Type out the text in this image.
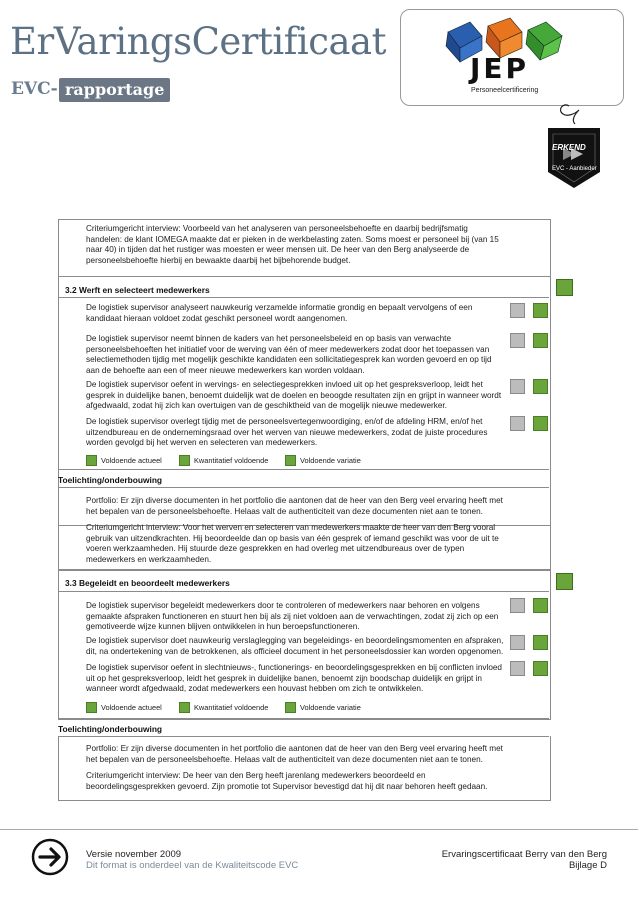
ErVaringsCertificaat
EVC- rapportage
JEP
Personeelcertificering
ERKEND
EVC - Aanbieder
Criteriumgericht interview: Voorbeeld van het analyseren van personeelsbehoefte en daarbij bedrijfsmatig handelen: de klant IOMEGA maakte dat er pieken in de werkbelasting zaten. Soms moest er personeel bij (van 15 naar 40) in tijden dat het rustiger was moesten er weer mensen uit. De heer van den Berg analyseerde de personeelsbehoefte hierbij en bewaakte daarbij het bijbehorende budget.
3.2 Werft en selecteert medewerkers
De logistiek supervisor analyseert nauwkeurig verzamelde informatie grondig en bepaalt vervolgens of een kandidaat hieraan voldoet zodat geschikt personeel wordt aangenomen.
De logistiek supervisor neemt binnen de kaders van het personeelsbeleid en op basis van verwachte personeelsbehoeften het initiatief voor de werving van één of meer medewerkers zodat door het toepassen van selectiemethoden tijdig met mogelijk geschikte kandidaten een sollicitatiegesprek kan worden gevoerd en op tijd aan de behoefte aan een of meer nieuwe medewerkers kan worden voldaan.
De logistiek supervisor oefent in wervings- en selectiegesprekken invloed uit op het gespreksverloop, leidt het gesprek in duidelijke banen, benoemt duidelijk wat de doelen en beoogde resultaten zijn en grijpt in wanneer wordt afgedwaald, zodat hij zich kan overtuigen van de geschiktheid van de mogelijk nieuwe medewerker.
De logistiek supervisor overlegt tijdig met de personeelsvertegenwoordiging, en/of de afdeling HRM, en/of het uitzendbureau en de ondernemingsraad over het werven van nieuwe medewerkers, zodat de juiste procedures worden gevolgd bij het werven en selecteren van medewerkers.
Voldoende actueel	Kwantitatief voldoende	Voldoende variatie
Toelichting/onderbouwing
Portfolio: Er zijn diverse documenten in het portfolio die aantonen dat de heer van den Berg veel ervaring heeft met het bepalen van de personeelsbehoefte. Helaas valt de authenticiteit van deze documenten niet aan te tonen.
Criteriumgericht interview: Voor het werven en selecteren van medewerkers maakte de heer van den Berg vooral gebruik van uitzendkrachten. Hij beoordeelde dan op basis van één gesprek of iemand geschikt was voor de uit te voeren werkzaamheden. Hij stuurde deze gesprekken en had overleg met uitzendbureaus over de typen medewerkers en werkzaamheden.
3.3 Begeleidt en beoordeelt medewerkers
De logistiek supervisor begeleidt medewerkers door te controleren of medewerkers naar behoren en volgens gemaakte afspraken functioneren en stuurt hen bij als zij niet voldoen aan de verwachtingen, zodat zij zich op een gemotiveerde wijze kunnen blijven ontwikkelen in hun beroepsfunctioneren.
De logistiek supervisor doet nauwkeurig verslaglegging van begeleidings- en beoordelingsmomenten en afspraken, dit, na ondertekening van de betrokkenen, als officieel document in het personeelsdossier kan worden opgenomen.
De logistiek supervisor oefent in slechtnieuws-, functionerings- en beoordelingsgesprekken en bij conflicten invloed uit op het gespreksverloop, leidt het gesprek in duidelijke banen, benoemt zijn boodschap duidelijk en grijpt in wanneer wordt afgedwaald, zodat medewerkers een houvast hebben om zich te ontwikkelen.
Voldoende actueel	Kwantitatief voldoende	Voldoende variatie
Toelichting/onderbouwing
Portfolio: Er zijn diverse documenten in het portfolio die aantonen dat de heer van den Berg veel ervaring heeft met het bepalen van de personeelsbehoefte. Helaas valt de authenticiteit van deze documenten niet aan te tonen.
Criteriumgericht interview: De heer van den Berg heeft jarenlang medewerkers beoordeeld en beoordelingsgesprekken gevoerd. Zijn promotie tot Supervisor bevestigd dat hij dit naar behoren heeft gedaan.
Versie november 2009
Dit format is onderdeel van de Kwaliteitscode EVC
Ervaringscertificaat Berry van den Berg
Bijlage D
